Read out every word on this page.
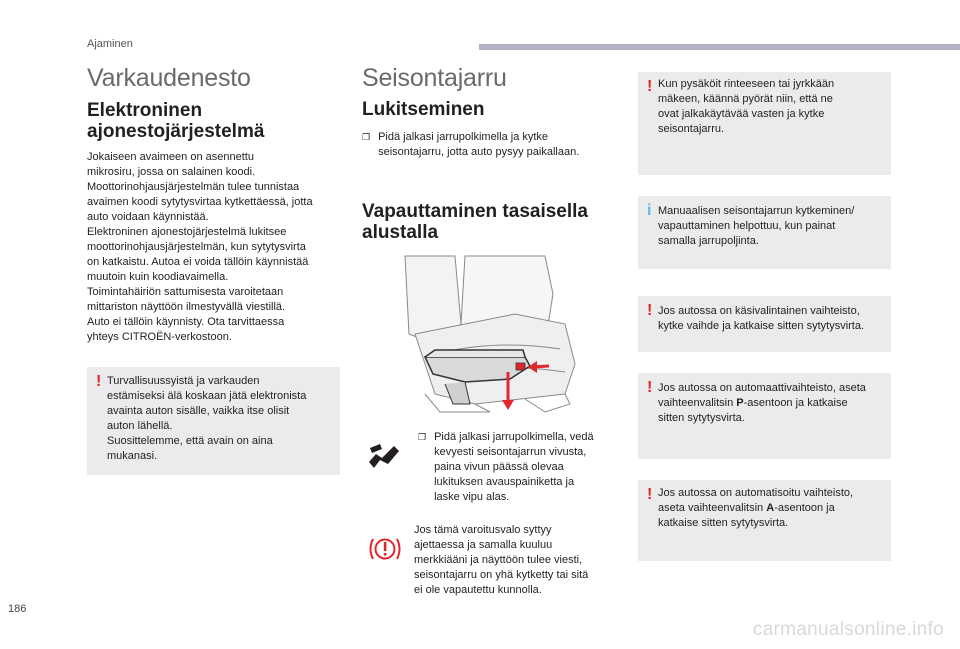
Ajaminen
Varkaudenesto
Elektroninen
ajonestojärjestelmä

Jokaiseen avaimeen on asennettu

mikrosiru, jossa on salainen koodi.

Moottorinohjausjärjestelmän tulee tunnistaa

avaimen koodi sytytysvirtaa kytkettäessä, jotta

auto voidaan käynnistää.

Elektroninen ajonestojärjestelmä lukitsee

moottorinohjausjärjestelmän, kun sytytysvirta

on katkaistu. Autoa ei voida tällöin käynnistää

muutoin kuin koodiavaimella.

Toimintahäiriön sattumisesta varoitetaan

mittariston näyttöön ilmestyvällä viestillä.

Auto ei tällöin käynnisty. Ota tarvittaessa

yhteys CITROËN-verkostoon.

! Turvallisuussyistä ja varkauden

estämiseksi älä koskaan jätä elektronista

avainta auton sisälle, vaikka itse olisit

auton lähellä.

Suosittelemme, että avain on aina

mukanasi.

Seisontajarru
Lukitseminen
❐ Pidä jalkasi jarrupolkimella ja kytke
seisontajarru, jotta auto pysyy paikallaan.
Vapauttaminen tasaisella
alustalla
❐ Pidä jalkasi jarrupolkimella, vedä
kevyesti seisontajarrun vivusta,
paina vivun päässä olevaa
lukituksen avauspainiketta ja
laske vipu alas.

Jos tämä varoitusvalo syttyy

ajettaessa ja samalla kuuluu

merkkiääni ja näyttöön tulee viesti,

seisontajarru on yhä kytketty tai sitä

ei ole vapautettu kunnolla.

! Kun pysäköit rinteeseen tai jyrkkään

mäkeen, käännä pyörät niin, että ne

ovat jalkakäytävää vasten ja kytke

seisontajarru.

i Manuaalisen seisontajarrun kytkeminen/

vapauttaminen helpottuu, kun painat

samalla jarrupoljinta.

! Jos autossa on käsivalintainen vaihteisto,

kytke vaihde ja katkaise sitten sytytysvirta.

! Jos autossa on automaattivaihteisto, aseta

vaihteenvalitsin P-asentoon ja katkaise

sitten sytytysvirta.

! Jos autossa on automatisoitu vaihteisto,

aseta vaihteenvalitsin A-asentoon ja

katkaise sitten sytytysvirta.

186
carmanualsonline.info
